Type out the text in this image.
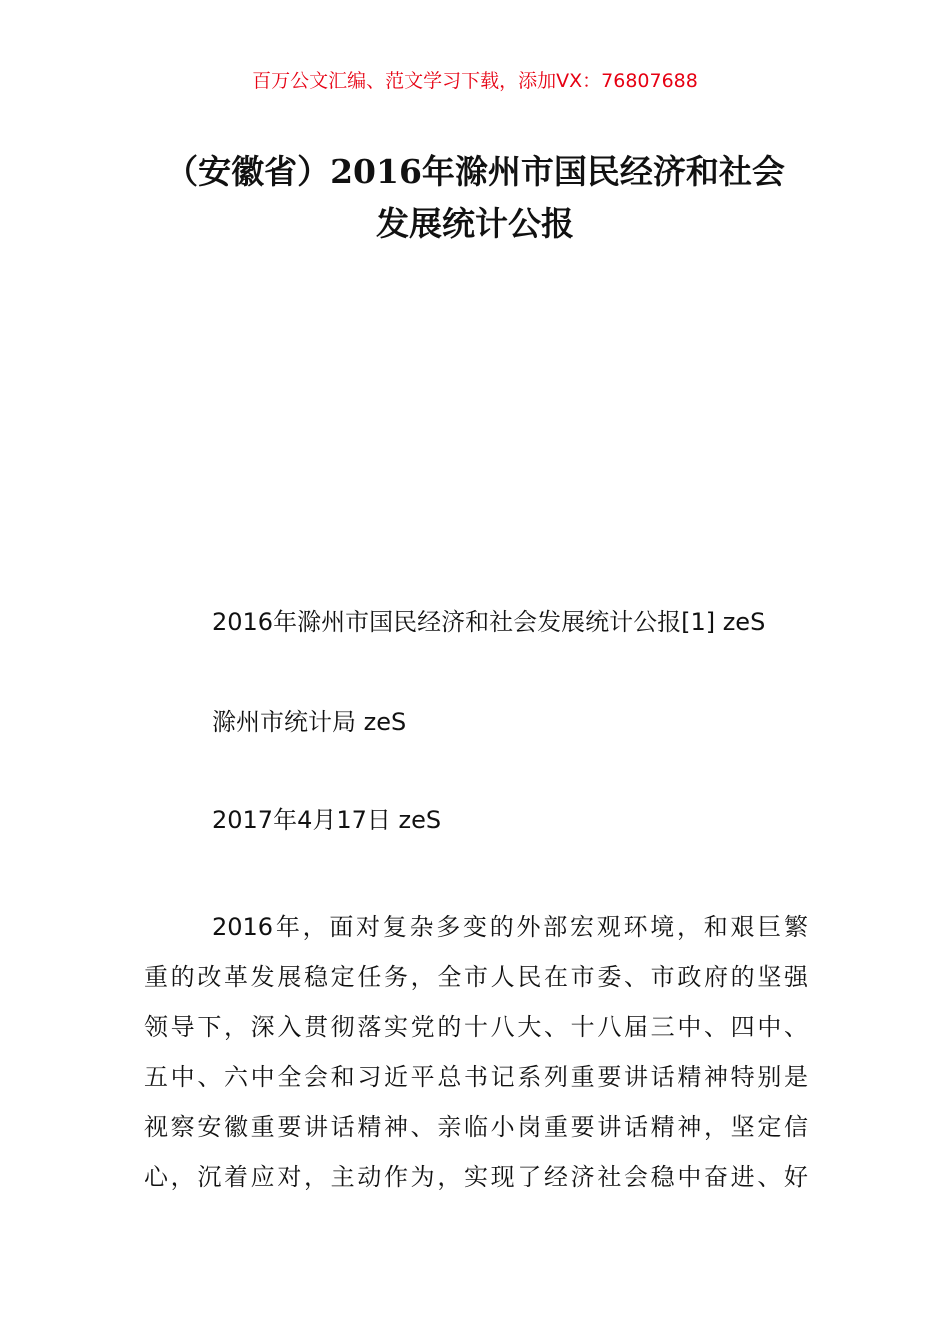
百万公文汇编、范文学习下载，添加VX：76807688
（安徽省）2016年滁州市国民经济和社会
发展统计公报
2016年滁州市国民经济和社会发展统计公报[1] zeS
滁州市统计局 zeS
2017年4月17日 zeS
2016年，面对复杂多变的外部宏观环境，和艰巨繁
重的改革发展稳定任务，全市人民在市委、市政府的坚强
领导下，深入贯彻落实党的十八大、十八届三中、四中、
五中、六中全会和习近平总书记系列重要讲话精神特别是
视察安徽重要讲话精神、亲临小岗重要讲话精神，坚定信
心，沉着应对，主动作为，实现了经济社会稳中奋进、好
